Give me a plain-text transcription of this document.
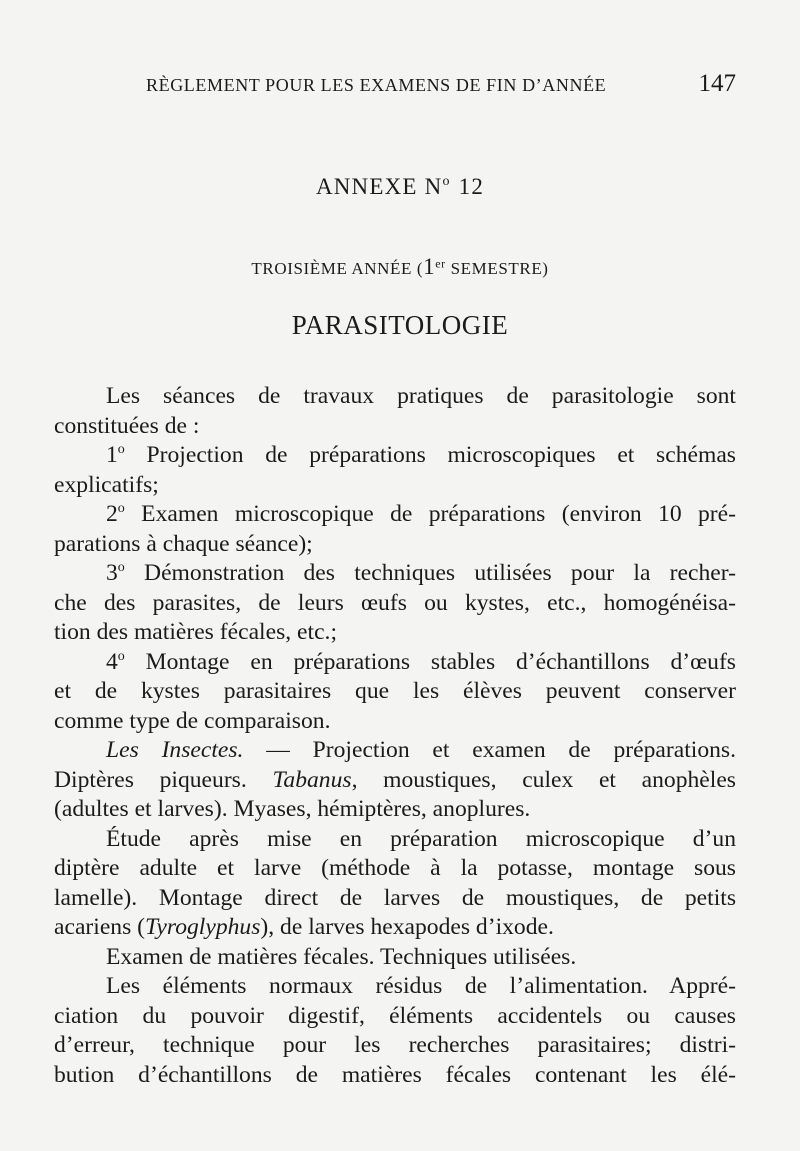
RÈGLEMENT POUR LES EXAMENS DE FIN D’ANNÉE	147
ANNEXE $N^o$ 12
TROISIÈME ANNÉE (1er SEMESTRE)
PARASITOLOGIE

Les séances de travaux pratiques de parasitologie sont
constituées de :

1$^o$ Projection de préparations microscopiques et schémas
explicatifs;

2$^o$ Examen microscopique de préparations (environ 10 pré-
parations à chaque séance);

3$^o$ Démonstration des techniques utilisées pour la recher-
che des parasites, de leurs œufs ou kystes, etc., homogénéisa-
tion des matières fécales, etc.;

4$^o$ Montage en préparations stables d’échantillons d’œufs
et de kystes parasitaires que les élèves peuvent conserver
comme type de comparaison.

Les Insectes. — Projection et examen de préparations.
Diptères piqueurs. Tabanus, moustiques, culex et anophèles
(adultes et larves). Myases, hémiptères, anoplures.

Étude après mise en préparation microscopique d’un
diptère adulte et larve (méthode à la potasse, montage sous
lamelle). Montage direct de larves de moustiques, de petits
acariens (Tyroglyphus), de larves hexapodes d’ixode.

Examen de matières fécales. Techniques utilisées.

Les éléments normaux résidus de l’alimentation. Appré-
ciation du pouvoir digestif, éléments accidentels ou causes
d’erreur, technique pour les recherches parasitaires; distri-
bution d’échantillons de matières fécales contenant les élé-
